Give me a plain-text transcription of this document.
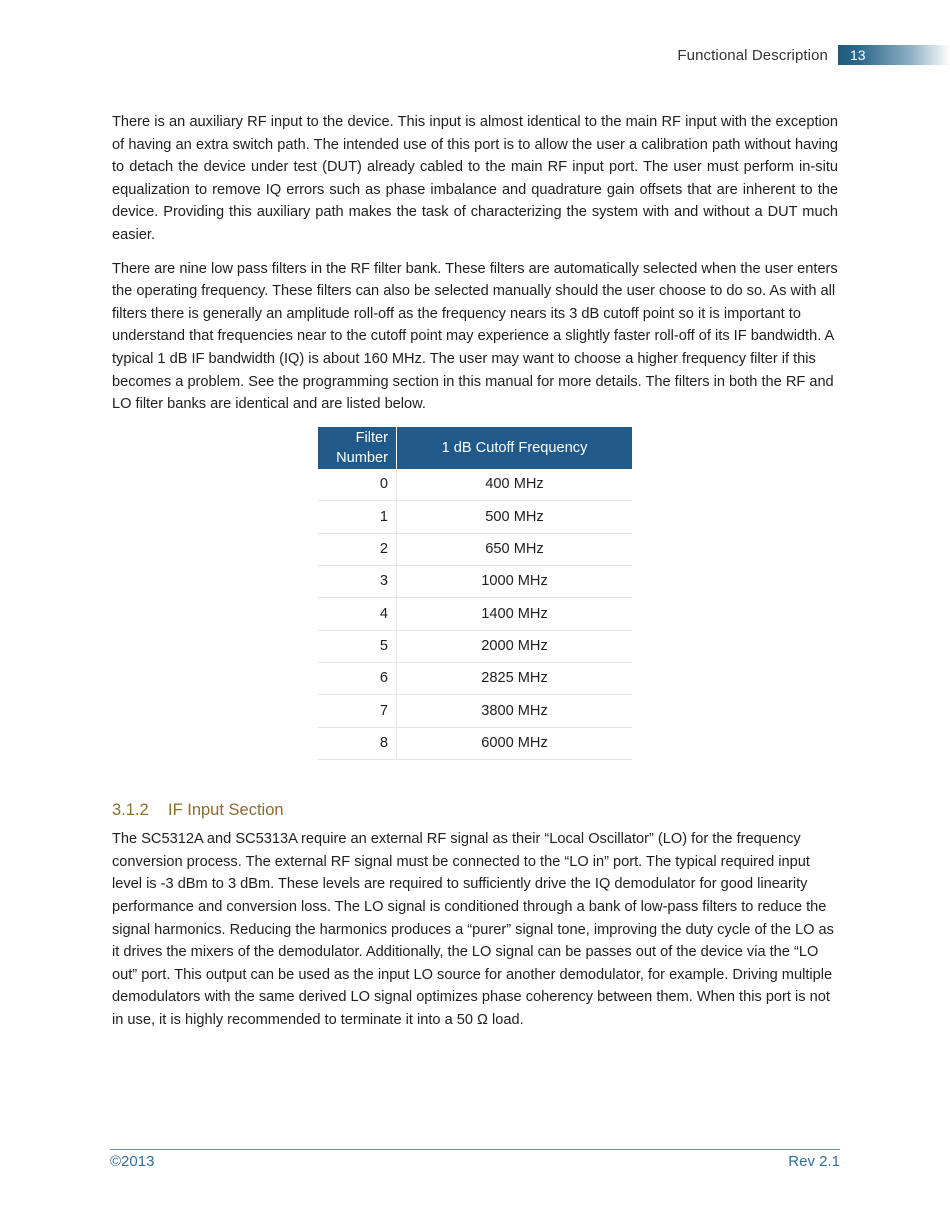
Functional Description	13

There is an auxiliary RF input to the device. This input is almost identical to the main RF input with the exception of having an extra switch path. The intended use of this port is to allow the user a calibration path without having to detach the device under test (DUT) already cabled to the main RF input port. The user must perform in-situ equalization to remove IQ errors such as phase imbalance and quadrature gain offsets that are inherent to the device. Providing this auxiliary path makes the task of characterizing the system with and without a DUT much easier.

There are nine low pass filters in the RF filter bank. These filters are automatically selected when the user enters the operating frequency. These filters can also be selected manually should the user choose to do so. As with all filters there is generally an amplitude roll-off as the frequency nears its 3 dB cutoff point so it is important to understand that frequencies near to the cutoff point may experience a slightly faster roll-off of its IF bandwidth. A typical 1 dB IF bandwidth (IQ) is about 160 MHz. The user may want to choose a higher frequency filter if this becomes a problem. See the programming section in this manual for more details. The filters in both the RF and LO filter banks are identical and are listed below.

Filter Number	1 dB Cutoff Frequency
0	400 MHz
1	500 MHz
2	650 MHz
3	1000 MHz
4	1400 MHz
5	2000 MHz
6	2825 MHz
7	3800 MHz
8	6000 MHz
3.1.2 IF Input Section

The SC5312A and SC5313A require an external RF signal as their “Local Oscillator” (LO) for the frequency conversion process. The external RF signal must be connected to the “LO in” port. The typical required input level is -3 dBm to 3 dBm. These levels are required to sufficiently drive the IQ demodulator for good linearity performance and conversion loss. The LO signal is conditioned through a bank of low-pass filters to reduce the signal harmonics. Reducing the harmonics produces a “purer” signal tone, improving the duty cycle of the LO as it drives the mixers of the demodulator. Additionally, the LO signal can be passes out of the device via the “LO out” port. This output can be used as the input LO source for another demodulator, for example. Driving multiple demodulators with the same derived LO signal optimizes phase coherency between them. When this port is not in use, it is highly recommended to terminate it into a 50 Ω load.

©2013	Rev 2.1
